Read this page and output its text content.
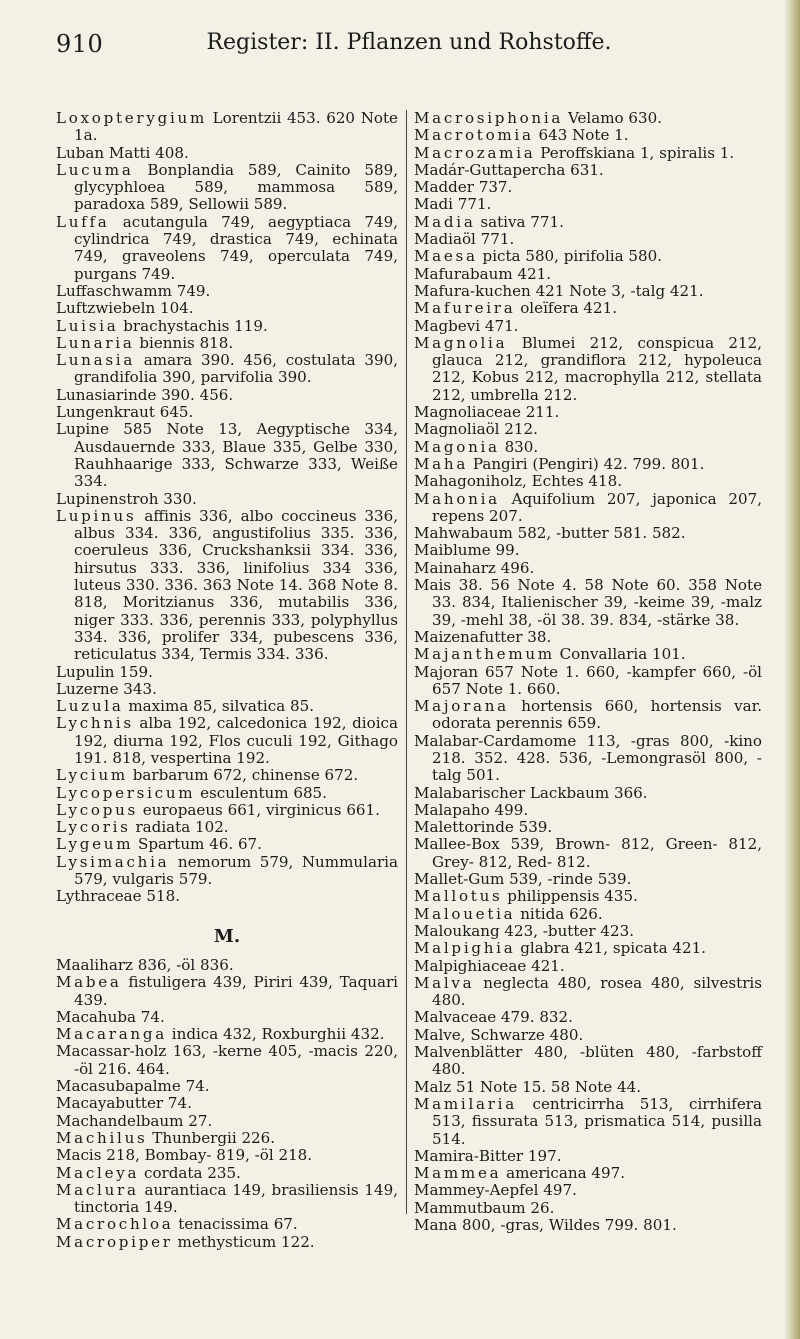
910	Register: II. Pflanzen und Rohstoffe.

Loxopterygium Lorentzii 453. 620 Note 1a.

Luban Matti 408.

Lucuma Bonplandia 589, Cainito 589, glycyphloea 589, mammosa 589, paradoxa 589, Sellowii 589.

Luffa acutangula 749, aegyptiaca 749, cylindrica 749, drastica 749, echinata 749, graveolens 749, operculata 749, purgans 749.

Luffaschwamm 749.

Luftzwiebeln 104.

Luisia brachystachis 119.

Lunaria biennis 818.

Lunasia amara 390. 456, costulata 390, grandifolia 390, parvifolia 390.

Lunasiarinde 390. 456.

Lungenkraut 645.

Lupine 585 Note 13, Aegyptische 334, Ausdauernde 333, Blaue 335, Gelbe 330, Rauhhaarige 333, Schwarze 333, Weiße 334.

Lupinenstroh 330.

Lupinus affinis 336, albo coccineus 336, albus 334. 336, angustifolius 335. 336, coeruleus 336, Cruckshanksii 334. 336, hirsutus 333. 336, linifolius 334 336, luteus 330. 336. 363 Note 14. 368 Note 8. 818, Moritzianus 336, mutabilis 336, niger 333. 336, perennis 333, polyphyllus 334. 336, prolifer 334, pubescens 336, reticulatus 334, Termis 334. 336.

Lupulin 159.

Luzerne 343.

Luzula maxima 85, silvatica 85.

Lychnis alba 192, calcedonica 192, dioica 192, diurna 192, Flos cuculi 192, Githago 191. 818, vespertina 192.

Lycium barbarum 672, chinense 672.

Lycopersicum esculentum 685.

Lycopus europaeus 661, virginicus 661.

Lycoris radiata 102.

Lygeum Spartum 46. 67.

Lysimachia nemorum 579, Nummularia 579, vulgaris 579.

Lythraceae 518.

M.

Maaliharz 836, -öl 836.

Mabea fistuligera 439, Piriri 439, Taquari 439.

Macahuba 74.

Macaranga indica 432, Roxburghii 432.

Macassar-holz 163, -kerne 405, -macis 220, -öl 216. 464.

Macasubapalme 74.

Macayabutter 74.

Machandelbaum 27.

Machilus Thunbergii 226.

Macis 218, Bombay- 819, -öl 218.

Macleya cordata 235.

Maclura aurantiaca 149, brasiliensis 149, tinctoria 149.

Macrochloa tenacissima 67.

Macropiper methysticum 122.

Macrosiphonia Velamo 630.

Macrotomia 643 Note 1.

Macrozamia Peroffskiana 1, spiralis 1.

Madár-Guttapercha 631.

Madder 737.

Madi 771.

Madia sativa 771.

Madiaöl 771.

Maesa picta 580, pirifolia 580.

Mafurabaum 421.

Mafura-kuchen 421 Note 3, -talg 421.

Mafureira oleïfera 421.

Magbevi 471.

Magnolia Blumei 212, conspicua 212, glauca 212, grandiflora 212, hypoleuca 212, Kobus 212, macrophylla 212, stellata 212, umbrella 212.

Magnoliaceae 211.

Magnoliaöl 212.

Magonia 830.

Maha Pangiri (Pengiri) 42. 799. 801.

Mahagoniholz, Echtes 418.

Mahonia Aquifolium 207, japonica 207, repens 207.

Mahwabaum 582, -butter 581. 582.

Maiblume 99.

Mainaharz 496.

Mais 38. 56 Note 4. 58 Note 60. 358 Note 33. 834, Italienischer 39, -keime 39, -malz 39, -mehl 38, -öl 38. 39. 834, -stärke 38.

Maizenafutter 38.

Majanthemum Convallaria 101.

Majoran 657 Note 1. 660, -kampfer 660, -öl 657 Note 1. 660.

Majorana hortensis 660, hortensis var. odorata perennis 659.

Malabar-Cardamome 113, -gras 800, -kino 218. 352. 428. 536, -Lemongrasöl 800, -talg 501.

Malabarischer Lackbaum 366.

Malapaho 499.

Malettorinde 539.

Mallee-Box 539, Brown- 812, Green- 812, Grey- 812, Red- 812.

Mallet-Gum 539, -rinde 539.

Mallotus philippensis 435.

Malouetia nitida 626.

Maloukang 423, -butter 423.

Malpighia glabra 421, spicata 421.

Malpighiaceae 421.

Malva neglecta 480, rosea 480, silvestris 480.

Malvaceae 479. 832.

Malve, Schwarze 480.

Malvenblätter 480, -blüten 480, -farbstoff 480.

Malz 51 Note 15. 58 Note 44.

Mamilaria centricirrha 513, cirrhifera 513, fissurata 513, prismatica 514, pusilla 514.

Mamira-Bitter 197.

Mammea americana 497.

Mammey-Aepfel 497.

Mammutbaum 26.

Mana 800, -gras, Wildes 799. 801.
